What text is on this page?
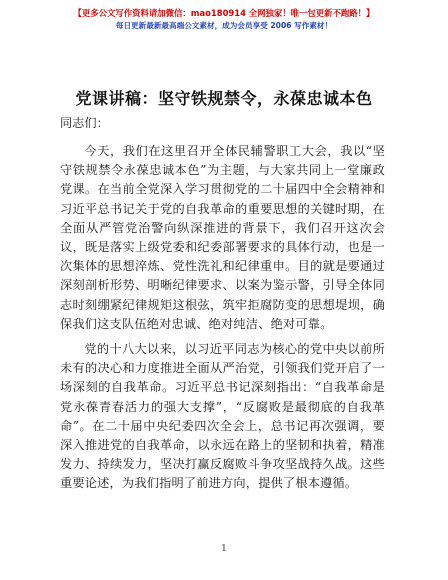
【更多公文写作资料请加微信：mao180914 全网独家！唯一包更新不跑路！】
每日更新最新最高端公文素材，成为会员享受 2006 写作素材！
党课讲稿：坚守铁规禁令，永葆忠诚本色
同志们：

今天，我们在这里召开全体民辅警职工大会，我以“坚守铁规禁令永葆忠诚本色”为主题，与大家共同上一堂廉政党课。在当前全党深入学习贯彻党的二十届四中全会精神和习近平总书记关于党的自我革命的重要思想的关键时期，在全面从严管党治警向纵深推进的背景下，我们召开这次会议，既是落实上级党委和纪委部署要求的具体行动，也是一次集体的思想淬炼、党性洗礼和纪律重申。目的就是要通过深刻剖析形势、明晰纪律要求、以案为鉴示警，引导全体同志时刻绷紧纪律规矩这根弦，筑牢拒腐防变的思想堤坝，确保我们这支队伍绝对忠诚、绝对纯洁、绝对可靠。

党的十八大以来，以习近平同志为核心的党中央以前所未有的决心和力度推进全面从严治党，引领我们党开启了一场深刻的自我革命。习近平总书记深刻指出：“自我革命是党永葆青春活力的强大支撑”，“反腐败是最彻底的自我革命”。在二十届中央纪委四次全会上，总书记再次强调，要深入推进党的自我革命，以永远在路上的坚韧和执着，精准发力、持续发力，坚决打赢反腐败斗争攻坚战持久战。这些重要论述，为我们指明了前进方向，提供了根本遵循。

1
